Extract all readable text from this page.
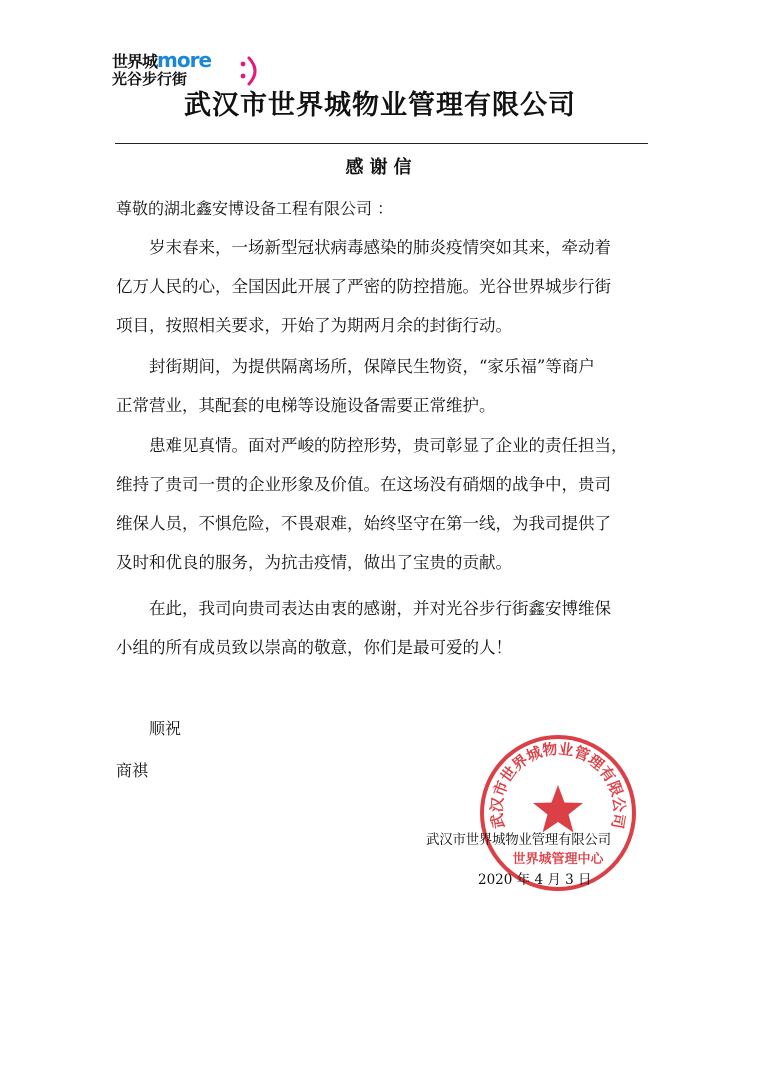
世界城more
光谷步行街
武汉市世界城物业管理有限公司
感谢信
尊敬的湖北鑫安博设备工程有限公司 ：
岁末春来，一场新型冠状病毒感染的肺炎疫情突如其来，牵动着
亿万人民的心，全国因此开展了严密的防控措施。光谷世界城步行街
项目，按照相关要求，开始了为期两月余的封街行动。
封街期间，为提供隔离场所，保障民生物资，“家乐福”等商户
正常营业，其配套的电梯等设施设备需要正常维护。
患难见真情。面对严峻的防控形势，贵司彰显了企业的责任担当，
维持了贵司一贯的企业形象及价值。在这场没有硝烟的战争中，贵司
维保人员，不惧危险，不畏艰难，始终坚守在第一线，为我司提供了
及时和优良的服务，为抗击疫情，做出了宝贵的贡献。
在此，我司向贵司表达由衷的感谢，并对光谷步行街鑫安博维保
小组的所有成员致以崇高的敬意，你们是最可爱的人！
顺祝
商祺
武汉市世界城物业管理有限公司
世界城管理中心
武汉市世界城物业管理有限公司
2020 年 4 月 3 日
